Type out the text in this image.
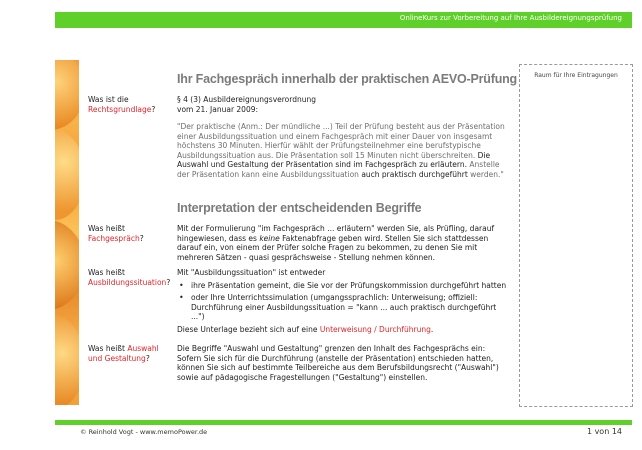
OnlineKurs zur Vorbereitung auf Ihre Ausbildereignungsprüfung
Ihr Fachgespräch innerhalb der praktischen AEVO-Prüfung
Was ist die Rechtsgrundlage?

§ 4 (3) Ausbildereignungsverordnung

vom 21. Januar 2009:

"Der praktische (Anm.: Der mündliche ...) Teil der Prüfung besteht aus der Präsentation einer Ausbildungssituation und einem Fachgespräch mit einer Dauer von insgesamt höchstens 30 Minuten. Hierfür wählt der Prüfungsteilnehmer eine berufstypische Ausbildungssituation aus. Die Präsentation soll 15 Minuten nicht überschreiten. Die Auswahl und Gestaltung der Präsentation sind im Fachgespräch zu erläutern. Anstelle der Präsentation kann eine Ausbildungssituation auch praktisch durchgeführt werden."
Interpretation der entscheidenden Begriffe
Was heißt
Fachgespräch?
Mit der Formulierung "im Fachgespräch ... erläutern" werden Sie, als Prüfling, darauf hingewiesen, dass es keine Faktenabfrage geben wird. Stellen Sie sich stattdessen darauf ein, von einem der Prüfer solche Fragen zu bekommen, zu denen Sie mit mehreren Sätzen - quasi gesprächsweise - Stellung nehmen können.
Was heißt Ausbildungssituation?

Mit "Ausbildungssituation" ist entweder

• ihre Präsentation gemeint, die Sie vor der Prüfungskommission durchgeführt hatten
• oder Ihre Unterrichtssimulation (umgangssprachlich: Unterweisung; offiziell: Durchführung einer Ausbildungssituation = "kann ... auch praktisch durchgeführt ...")

Diese Unterlage bezieht sich auf eine Unterweisung / Durchführung.

Was heißt Auswahl und Gestaltung?
Die Begriffe "Auswahl und Gestaltung" grenzen den Inhalt des Fachgesprächs ein: Sofern Sie sich für die Durchführung (anstelle der Präsentation) entschieden hatten, können Sie sich auf bestimmte Teilbereiche aus dem Berufsbildungsrecht ("Auswahl") sowie auf pädagogische Fragestellungen ("Gestaltung") einstellen.
Raum für Ihre Eintragungen
© Reinhold Vogt - www.memoPower.de	1 von 14
